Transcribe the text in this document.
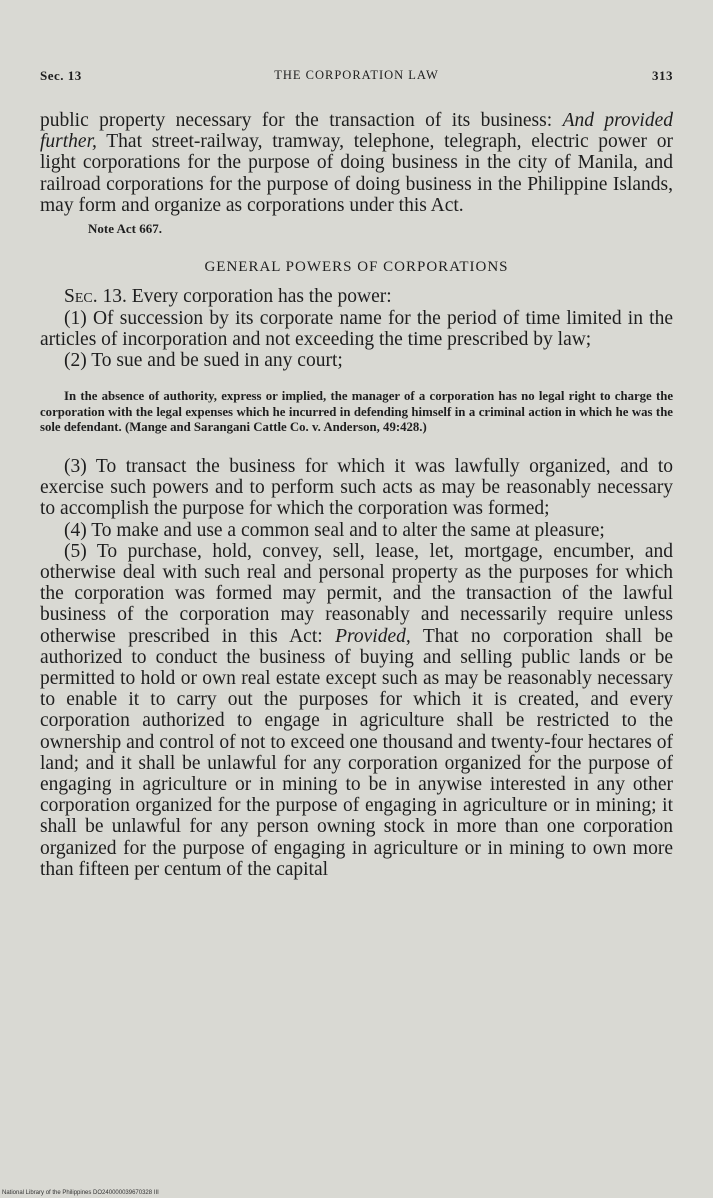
Sec. 13	THE CORPORATION LAW	313

public property necessary for the transaction of its business: And provided further, That street-railway, tramway, telephone, telegraph, electric power or light corporations for the purpose of doing business in the city of Manila, and railroad corporations for the purpose of doing business in the Philippine Islands, may form and organize as corporations under this Act.

Note Act 667.

GENERAL POWERS OF CORPORATIONS

Sec. 13. Every corporation has the power:

(1) Of succession by its corporate name for the period of time limited in the articles of incorporation and not exceeding the time prescribed by law;

(2) To sue and be sued in any court;

In the absence of authority, express or implied, the manager of a corporation has no legal right to charge the corporation with the legal expenses which he incurred in defending himself in a criminal action in which he was the sole defendant. (Mange and Sarangani Cattle Co. v. Anderson, 49:428.)

(3) To transact the business for which it was lawfully organized, and to exercise such powers and to perform such acts as may be reasonably necessary to accomplish the purpose for which the corporation was formed;

(4) To make and use a common seal and to alter the same at pleasure;

(5) To purchase, hold, convey, sell, lease, let, mortgage, encumber, and otherwise deal with such real and personal property as the purposes for which the corporation was formed may permit, and the transaction of the lawful business of the corporation may reasonably and necessarily require unless otherwise prescribed in this Act: Provided, That no corporation shall be authorized to conduct the business of buying and selling public lands or be permitted to hold or own real estate except such as may be reasonably necessary to enable it to carry out the purposes for which it is created, and every corporation authorized to engage in agriculture shall be restricted to the ownership and control of not to exceed one thousand and twenty-four hectares of land; and it shall be unlawful for any corporation organized for the purpose of engaging in agriculture or in mining to be in anywise interested in any other corporation organized for the purpose of engaging in agriculture or in mining; it shall be unlawful for any person owning stock in more than one corporation organized for the purpose of engaging in agriculture or in mining to own more than fifteen per centum of the capital

National Library of the Philippines DO240000039670328 III
